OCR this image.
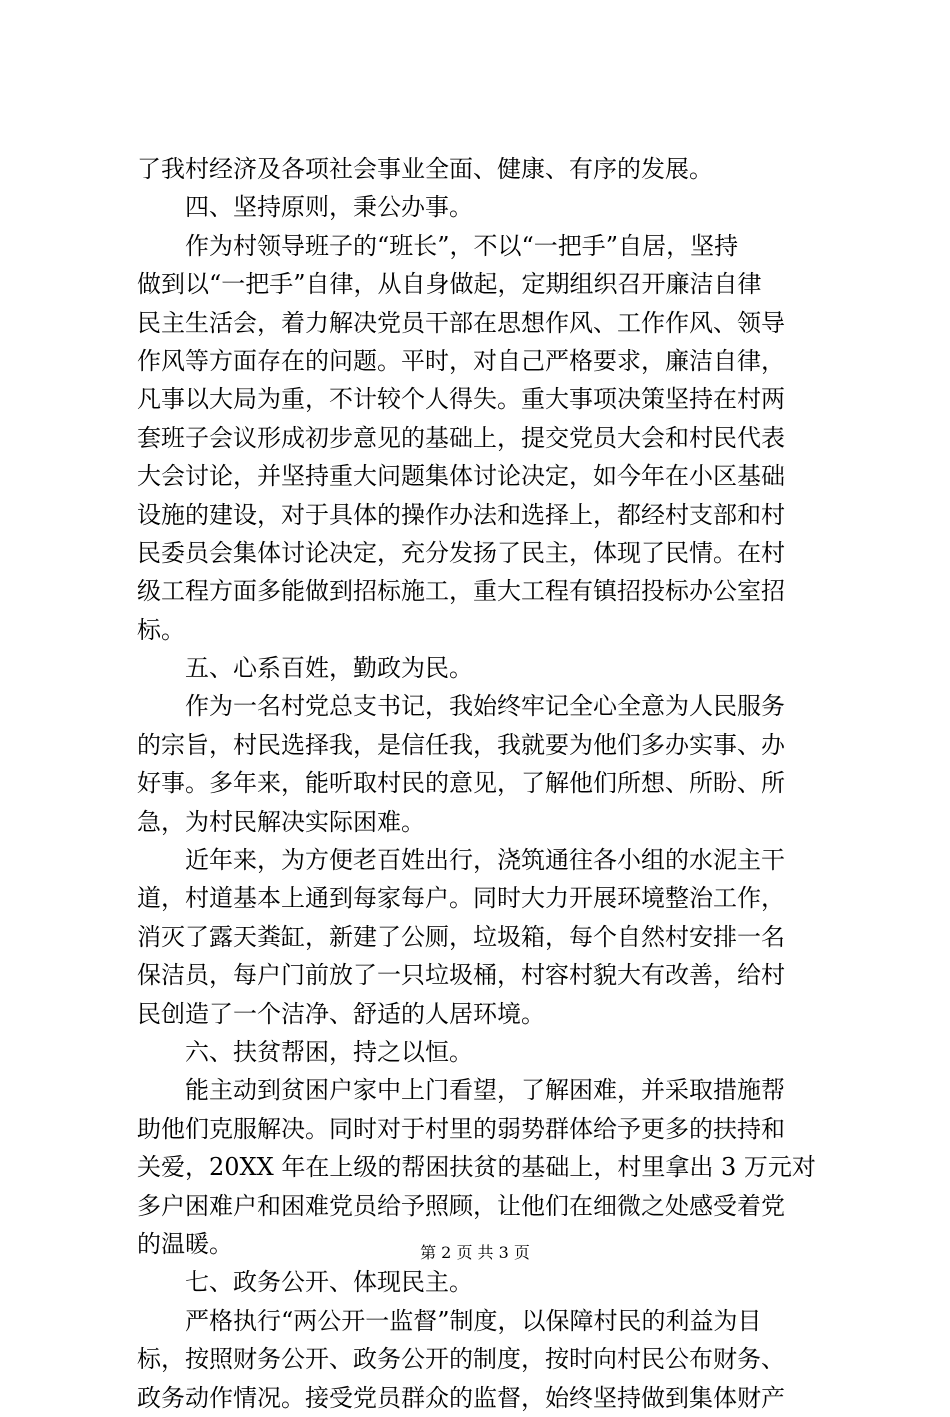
了我村经济及各项社会事业全面、健康、有序的发展。
四、坚持原则，秉公办事。
作为村领导班子的“班长”，不以“一把手”自居，坚持
做到以“一把手”自律，从自身做起，定期组织召开廉洁自律
民主生活会，着力解决党员干部在思想作风、工作作风、领导
作风等方面存在的问题。平时，对自己严格要求，廉洁自律，
凡事以大局为重，不计较个人得失。重大事项决策坚持在村两
套班子会议形成初步意见的基础上，提交党员大会和村民代表
大会讨论，并坚持重大问题集体讨论决定，如今年在小区基础
设施的建设，对于具体的操作办法和选择上，都经村支部和村
民委员会集体讨论决定，充分发扬了民主，体现了民情。在村
级工程方面多能做到招标施工，重大工程有镇招投标办公室招
标。
五、心系百姓，勤政为民。
作为一名村党总支书记，我始终牢记全心全意为人民服务
的宗旨，村民选择我，是信任我，我就要为他们多办实事、办
好事。多年来，能听取村民的意见，了解他们所想、所盼、所
急，为村民解决实际困难。
近年来，为方便老百姓出行，浇筑通往各小组的水泥主干
道，村道基本上通到每家每户。同时大力开展环境整治工作，
消灭了露天粪缸，新建了公厕，垃圾箱，每个自然村安排一名
保洁员，每户门前放了一只垃圾桶，村容村貌大有改善，给村
民创造了一个洁净、舒适的人居环境。
六、扶贫帮困，持之以恒。
能主动到贫困户家中上门看望，了解困难，并采取措施帮
助他们克服解决。同时对于村里的弱势群体给予更多的扶持和
关爱，20XX 年在上级的帮困扶贫的基础上，村里拿出 3 万元对
多户困难户和困难党员给予照顾，让他们在细微之处感受着党
的温暖。
七、政务公开、体现民主。
严格执行“两公开一监督”制度，以保障村民的利益为目
标，按照财务公开、政务公开的制度，按时向村民公布财务、
政务动作情况。接受党员群众的监督，始终坚持做到集体财产
第 2 页 共 3 页
